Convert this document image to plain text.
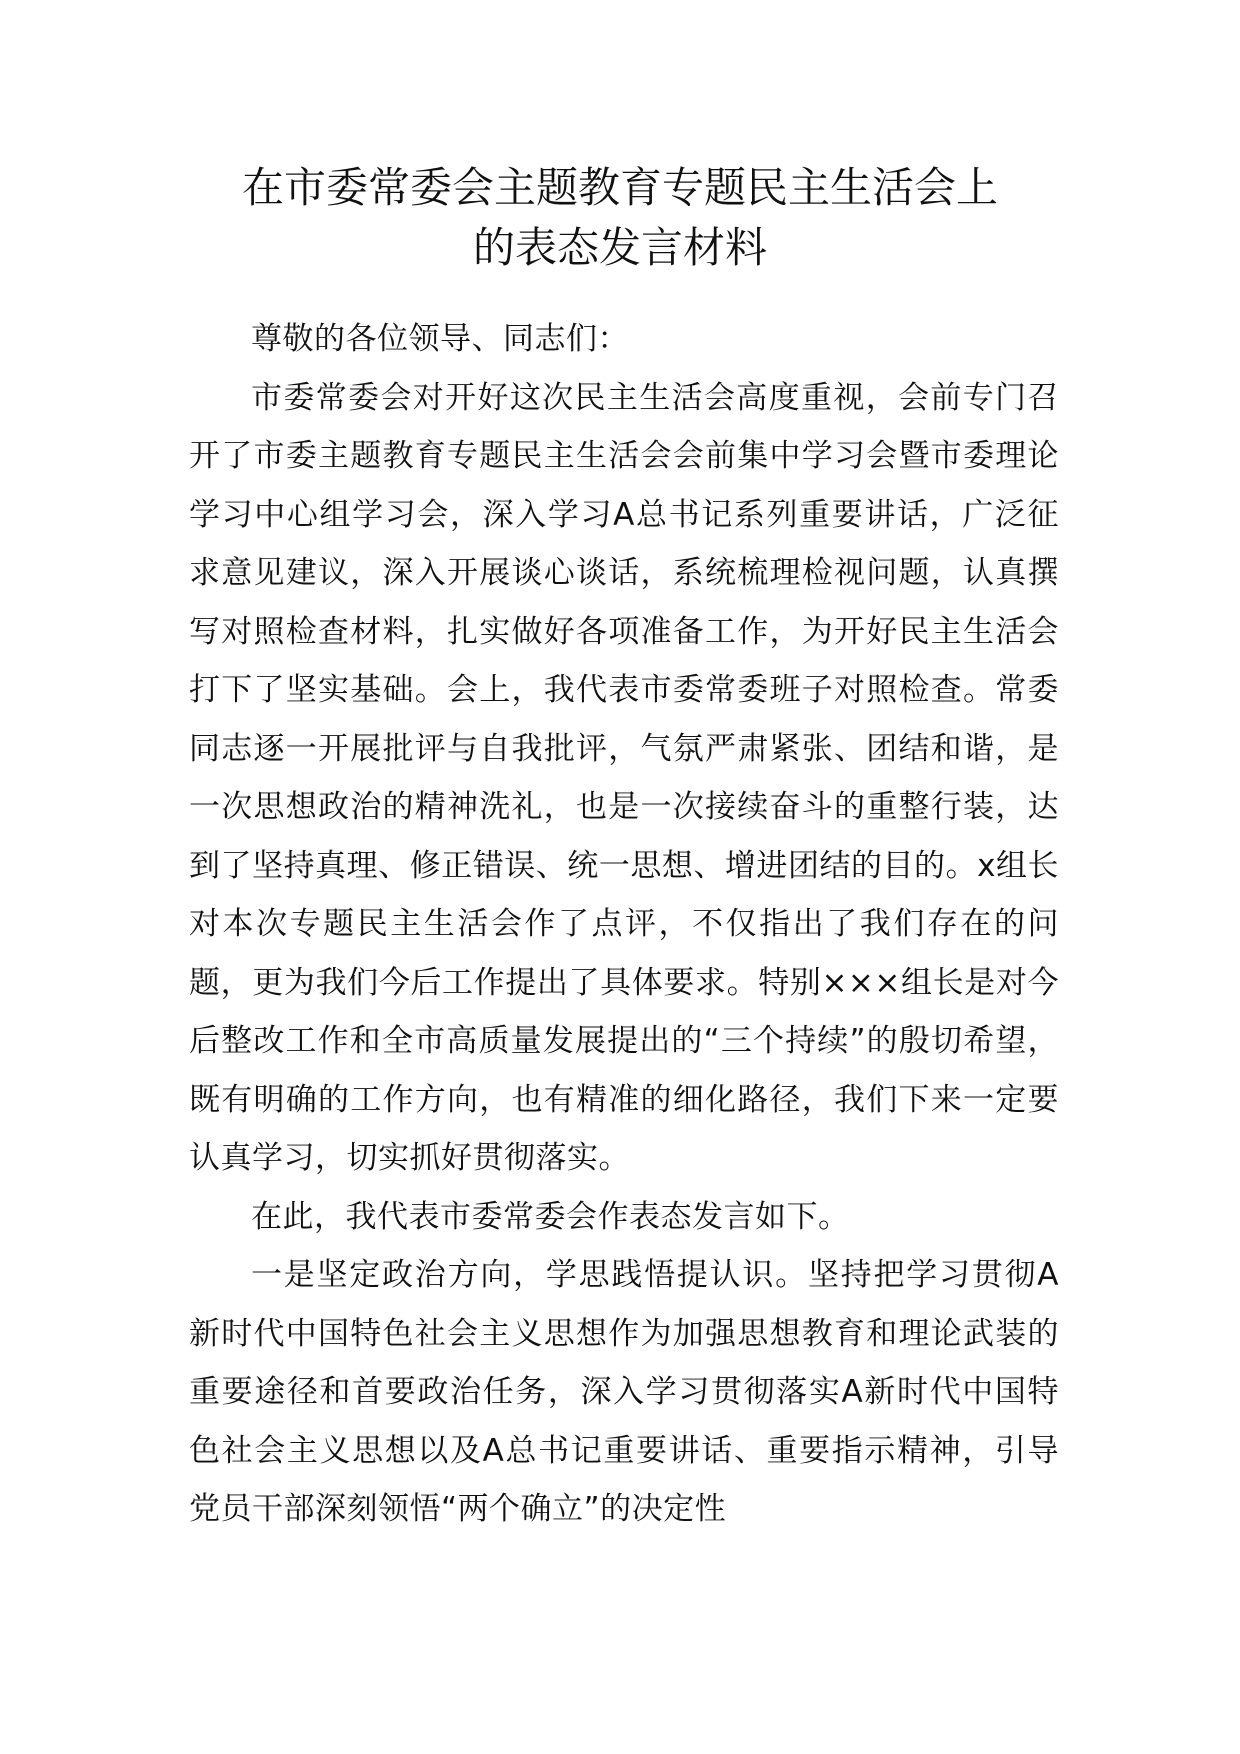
在市委常委会主题教育专题民主生活会上
的表态发言材料

尊敬的各位领导、同志们：

市委常委会对开好这次民主生活会高度重视，会前专门召开了市委主题教育专题民主生活会会前集中学习会暨市委理论学习中心组学习会，深入学习A总书记系列重要讲话，广泛征求意见建议，深入开展谈心谈话，系统梳理检视问题，认真撰写对照检查材料，扎实做好各项准备工作，为开好民主生活会打下了坚实基础。会上，我代表市委常委班子对照检查。常委同志逐一开展批评与自我批评，气氛严肃紧张、团结和谐，是一次思想政治的精神洗礼，也是一次接续奋斗的重整行装，达到了坚持真理、修正错误、统一思想、增进团结的目的。x组长对本次专题民主生活会作了点评，不仅指出了我们存在的问题，更为我们今后工作提出了具体要求。特别×××组长是对今后整改工作和全市高质量发展提出的“三个持续”的殷切希望，既有明确的工作方向，也有精准的细化路径，我们下来一定要认真学习，切实抓好贯彻落实。

在此，我代表市委常委会作表态发言如下。

一是坚定政治方向，学思践悟提认识。坚持把学习贯彻A新时代中国特色社会主义思想作为加强思想教育和理论武装的重要途径和首要政治任务，深入学习贯彻落实A新时代中国特色社会主义思想以及A总书记重要讲话、重要指示精神，引导党员干部深刻领悟“两个确立”的决定性
